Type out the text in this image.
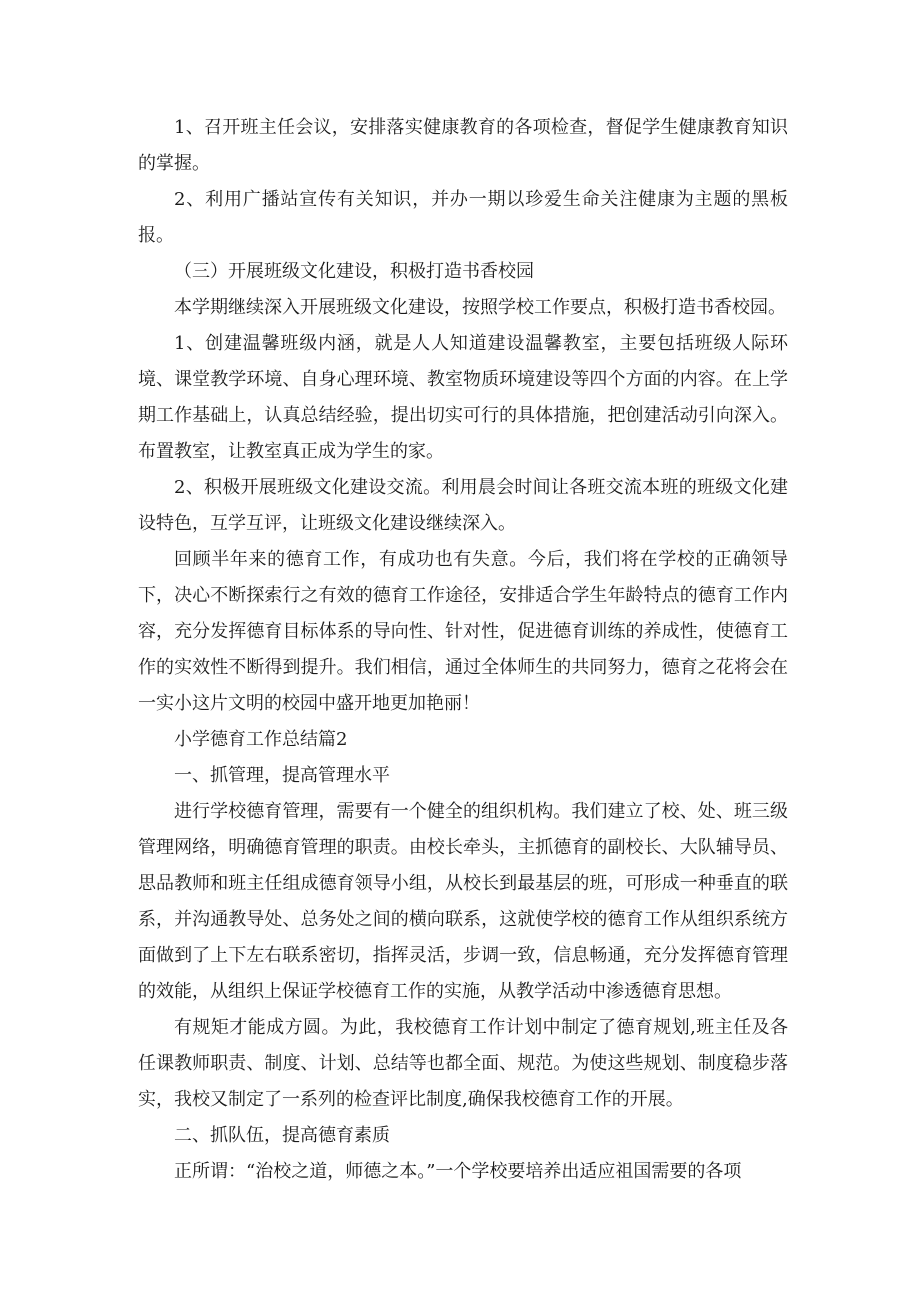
1、召开班主任会议，安排落实健康教育的各项检查，督促学生健康教育知识的掌握。

2、利用广播站宣传有关知识，并办一期以珍爱生命关注健康为主题的黑板报。

（三）开展班级文化建设，积极打造书香校园

本学期继续深入开展班级文化建设，按照学校工作要点，积极打造书香校园。

1、创建温馨班级内涵，就是人人知道建设温馨教室，主要包括班级人际环境、课堂教学环境、自身心理环境、教室物质环境建设等四个方面的内容。在上学期工作基础上，认真总结经验，提出切实可行的具体措施，把创建活动引向深入。布置教室，让教室真正成为学生的家。

2、积极开展班级文化建设交流。利用晨会时间让各班交流本班的班级文化建设特色，互学互评，让班级文化建设继续深入。

回顾半年来的德育工作，有成功也有失意。今后，我们将在学校的正确领导下，决心不断探索行之有效的德育工作途径，安排适合学生年龄特点的德育工作内容，充分发挥德育目标体系的导向性、针对性，促进德育训练的养成性，使德育工作的实效性不断得到提升。我们相信，通过全体师生的共同努力，德育之花将会在一实小这片文明的校园中盛开地更加艳丽！

小学德育工作总结篇2

一、抓管理，提高管理水平

进行学校德育管理，需要有一个健全的组织机构。我们建立了校、处、班三级管理网络，明确德育管理的职责。由校长牵头，主抓德育的副校长、大队辅导员、思品教师和班主任组成德育领导小组，从校长到最基层的班，可形成一种垂直的联系，并沟通教导处、总务处之间的横向联系，这就使学校的德育工作从组织系统方面做到了上下左右联系密切，指挥灵活，步调一致，信息畅通，充分发挥德育管理的效能，从组织上保证学校德育工作的实施，从教学活动中渗透德育思想。

有规矩才能成方圆。为此，我校德育工作计划中制定了德育规划,班主任及各任课教师职责、制度、计划、总结等也都全面、规范。为使这些规划、制度稳步落实，我校又制定了一系列的检查评比制度,确保我校德育工作的开展。

二、抓队伍，提高德育素质

正所谓：“治校之道，师德之本。”一个学校要培养出适应祖国需要的各项
